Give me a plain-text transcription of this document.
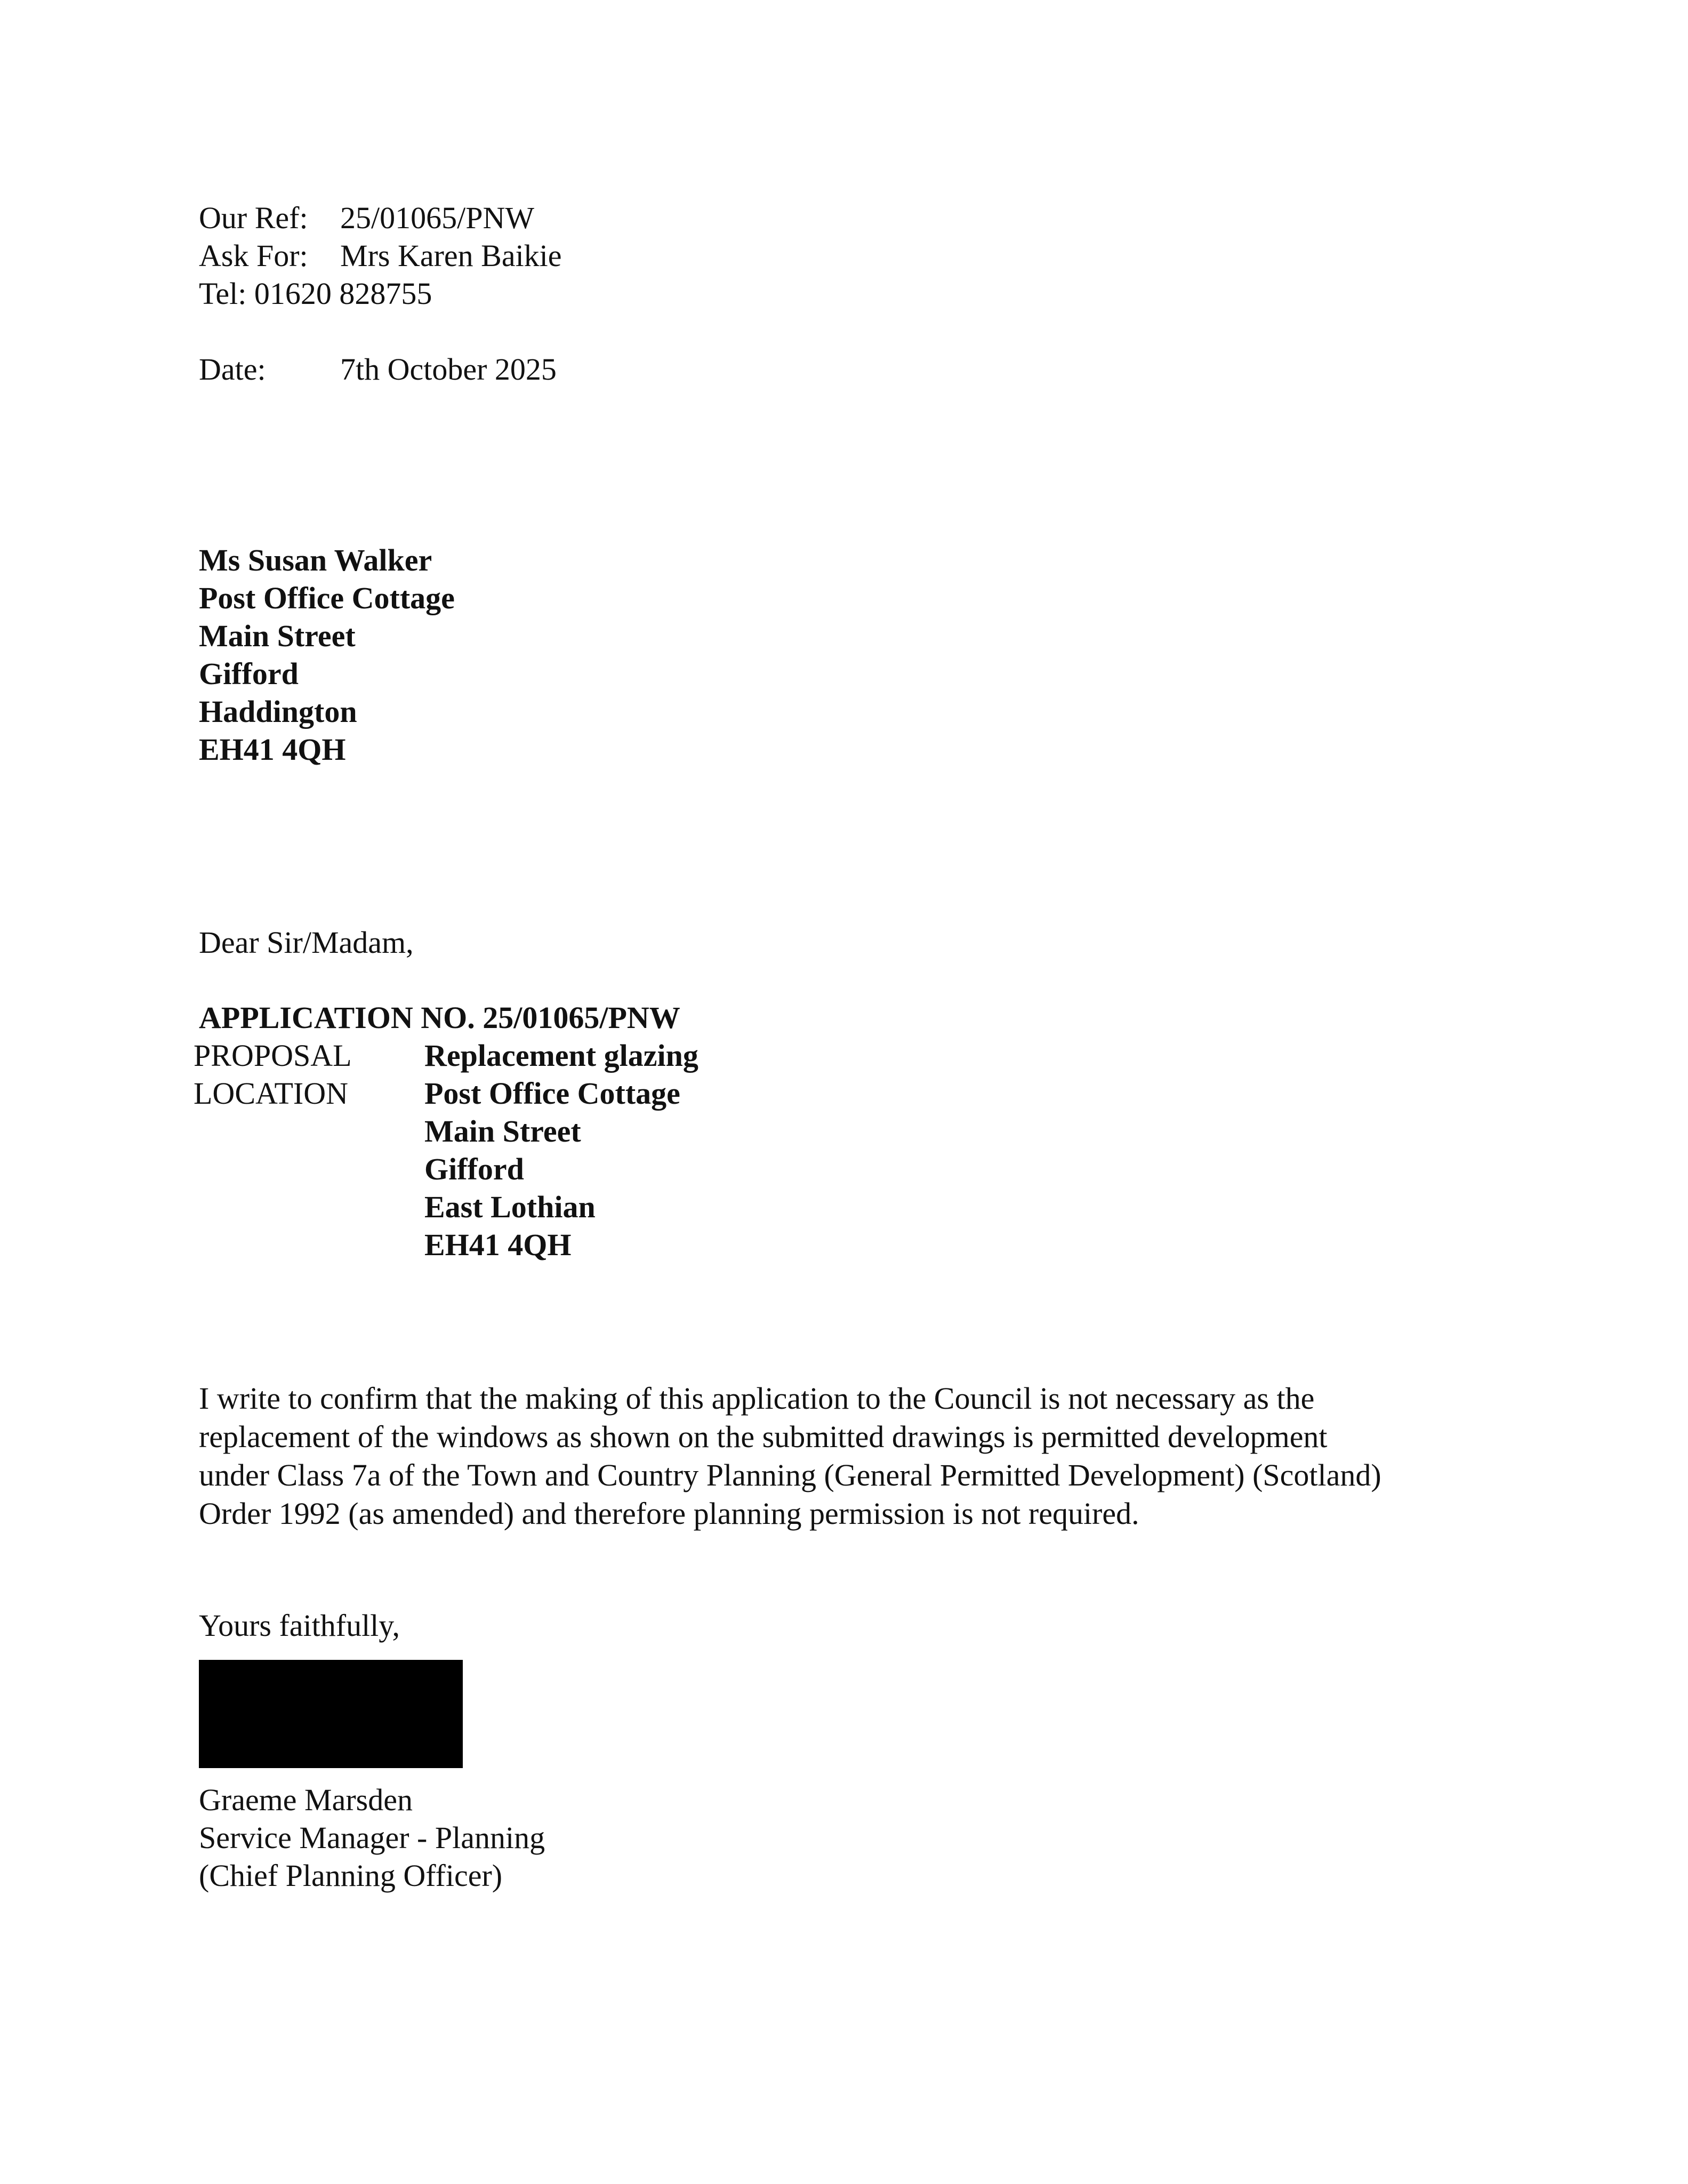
Our Ref:	25/01065/PNW
Ask For:	Mrs Karen Baikie
Tel: 01620 828755
Date:	7th October 2025
Ms Susan Walker
Post Office Cottage
Main Street
Gifford
Haddington
EH41 4QH
Dear Sir/Madam,
APPLICATION NO. 25/01065/PNW
PROPOSAL	Replacement glazing
LOCATION	Post Office Cottage
Main Street
Gifford
East Lothian
EH41 4QH
I write to confirm that the making of this application to the Council is not necessary as the
replacement of the windows as shown on the submitted drawings is permitted development
under Class 7a of the Town and Country Planning (General Permitted Development) (Scotland)
Order 1992 (as amended) and therefore planning permission is not required.
Yours faithfully,
Graeme Marsden
Service Manager - Planning
(Chief Planning Officer)
